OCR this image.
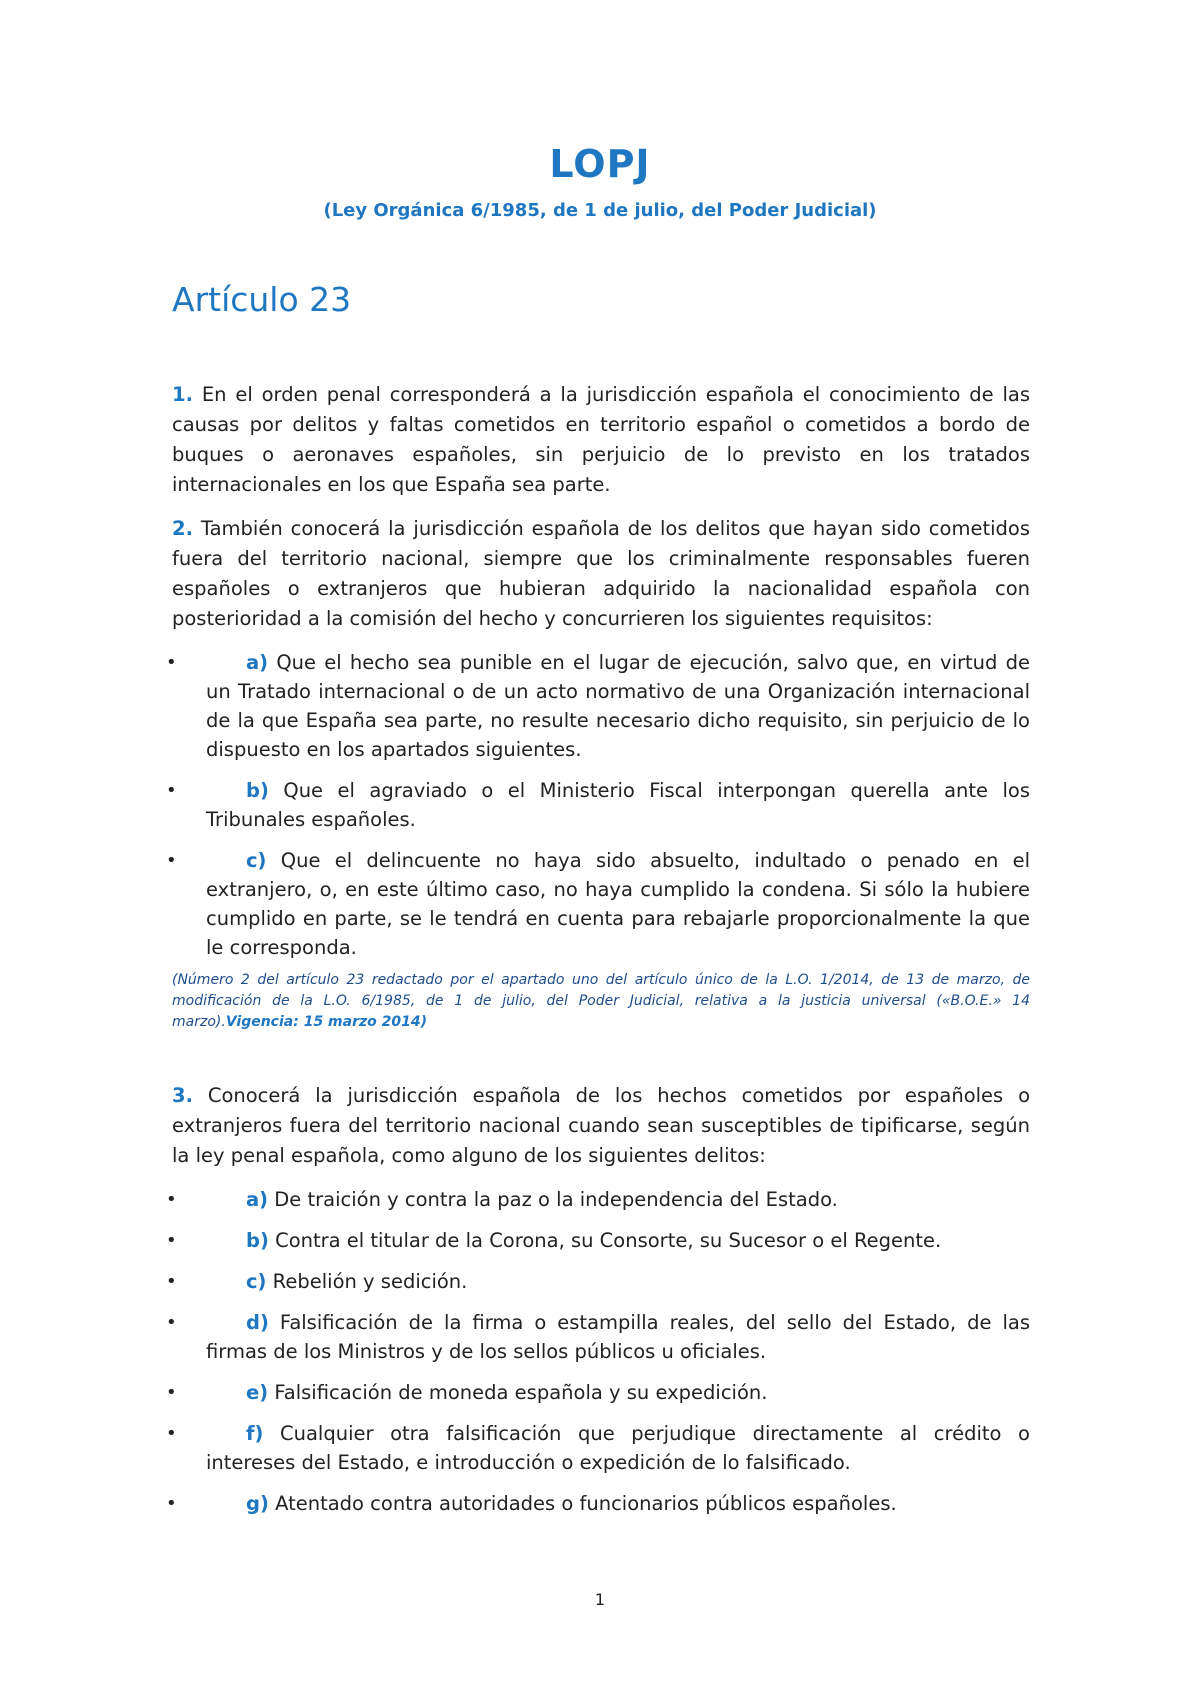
LOPJ
(Ley Orgánica 6/1985, de 1 de julio, del Poder Judicial)
Artículo 23

1. En el orden penal corresponderá a la jurisdicción española el conocimiento de las causas por delitos y faltas cometidos en territorio español o cometidos a bordo de buques o aeronaves españoles, sin perjuicio de lo previsto en los tratados internacionales en los que España sea parte.

2. También conocerá la jurisdicción española de los delitos que hayan sido cometidos fuera del territorio nacional, siempre que los criminalmente responsables fueren españoles o extranjeros que hubieran adquirido la nacionalidad española con posterioridad a la comisión del hecho y concurrieren los siguientes requisitos:

•	a) Que el hecho sea punible en el lugar de ejecución, salvo que, en virtud de un Tratado internacional o de un acto normativo de una Organización internacional de la que España sea parte, no resulte necesario dicho requisito, sin perjuicio de lo dispuesto en los apartados siguientes.
•	b) Que el agraviado o el Ministerio Fiscal interpongan querella ante los Tribunales españoles.
•	c) Que el delincuente no haya sido absuelto, indultado o penado en el extranjero, o, en este último caso, no haya cumplido la condena. Si sólo la hubiere cumplido en parte, se le tendrá en cuenta para rebajarle proporcionalmente la que le corresponda.

(Número 2 del artículo 23 redactado por el apartado uno del artículo único de la L.O. 1/2014, de 13 de marzo, de modificación de la L.O. 6/1985, de 1 de julio, del Poder Judicial, relativa a la justicia universal («B.O.E.» 14 marzo).Vigencia: 15 marzo 2014)

3. Conocerá la jurisdicción española de los hechos cometidos por españoles o extranjeros fuera del territorio nacional cuando sean susceptibles de tipificarse, según la ley penal española, como alguno de los siguientes delitos:

•	a) De traición y contra la paz o la independencia del Estado.
•	b) Contra el titular de la Corona, su Consorte, su Sucesor o el Regente.
•	c) Rebelión y sedición.
•	d) Falsificación de la firma o estampilla reales, del sello del Estado, de las firmas de los Ministros y de los sellos públicos u oficiales.
•	e) Falsificación de moneda española y su expedición.
•	f) Cualquier otra falsificación que perjudique directamente al crédito o intereses del Estado, e introducción o expedición de lo falsificado.
•	g) Atentado contra autoridades o funcionarios públicos españoles.
1
